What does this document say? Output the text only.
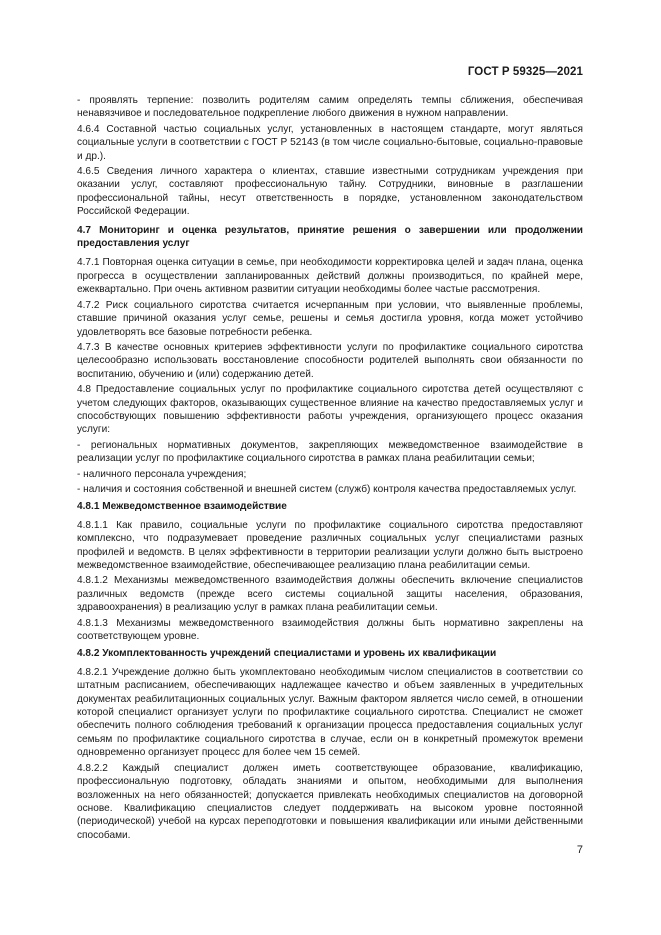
ГОСТ Р 59325—2021

- проявлять терпение: позволить родителям самим определять темпы сближения, обеспечивая ненавязчивое и последовательное подкрепление любого движения в нужном направлении.

4.6.4 Составной частью социальных услуг, установленных в настоящем стандарте, могут являться социальные услуги в соответствии с ГОСТ Р 52143 (в том числе социально-бытовые, социально-правовые и др.).

4.6.5 Сведения личного характера о клиентах, ставшие известными сотрудникам учреждения при оказании услуг, составляют профессиональную тайну. Сотрудники, виновные в разглашении профессиональной тайны, несут ответственность в порядке, установленном законодательством Российской Федерации.

4.7 Мониторинг и оценка результатов, принятие решения о завершении или продолжении предоставления услуг

4.7.1 Повторная оценка ситуации в семье, при необходимости корректировка целей и задач плана, оценка прогресса в осуществлении запланированных действий должны производиться, по крайней мере, ежеквартально. При очень активном развитии ситуации необходимы более частые рассмотрения.

4.7.2 Риск социального сиротства считается исчерпанным при условии, что выявленные проблемы, ставшие причиной оказания услуг семье, решены и семья достигла уровня, когда может устойчиво удовлетворять все базовые потребности ребенка.

4.7.3 В качестве основных критериев эффективности услуги по профилактике социального сиротства целесообразно использовать восстановление способности родителей выполнять свои обязанности по воспитанию, обучению и (или) содержанию детей.

4.8 Предоставление социальных услуг по профилактике социального сиротства детей осуществляют с учетом следующих факторов, оказывающих существенное влияние на качество предоставляемых услуг и способствующих повышению эффективности работы учреждения, организующего процесс оказания услуги:

- региональных нормативных документов, закрепляющих межведомственное взаимодействие в реализации услуг по профилактике социального сиротства в рамках плана реабилитации семьи;

- наличного персонала учреждения;

- наличия и состояния собственной и внешней систем (служб) контроля качества предоставляемых услуг.

4.8.1 Межведомственное взаимодействие

4.8.1.1 Как правило, социальные услуги по профилактике социального сиротства предоставляют комплексно, что подразумевает проведение различных социальных услуг специалистами разных профилей и ведомств. В целях эффективности в территории реализации услуги должно быть выстроено межведомственное взаимодействие, обеспечивающее реализацию плана реабилитации семьи.

4.8.1.2 Механизмы межведомственного взаимодействия должны обеспечить включение специалистов различных ведомств (прежде всего системы социальной защиты населения, образования, здравоохранения) в реализацию услуг в рамках плана реабилитации семьи.

4.8.1.3 Механизмы межведомственного взаимодействия должны быть нормативно закреплены на соответствующем уровне.

4.8.2 Укомплектованность учреждений специалистами и уровень их квалификации

4.8.2.1 Учреждение должно быть укомплектовано необходимым числом специалистов в соответствии со штатным расписанием, обеспечивающих надлежащее качество и объем заявленных в учредительных документах реабилитационных социальных услуг. Важным фактором является число семей, в отношении которой специалист организует услуги по профилактике социального сиротства. Специалист не сможет обеспечить полного соблюдения требований к организации процесса предоставления социальных услуг семьям по профилактике социального сиротства в случае, если он в конкретный промежуток времени одновременно организует процесс для более чем 15 семей.

4.8.2.2 Каждый специалист должен иметь соответствующее образование, квалификацию, профессиональную подготовку, обладать знаниями и опытом, необходимыми для выполнения возложенных на него обязанностей; допускается привлекать необходимых специалистов на договорной основе. Квалификацию специалистов следует поддерживать на высоком уровне постоянной (периодической) учебой на курсах переподготовки и повышения квалификации или иными действенными способами.

7
